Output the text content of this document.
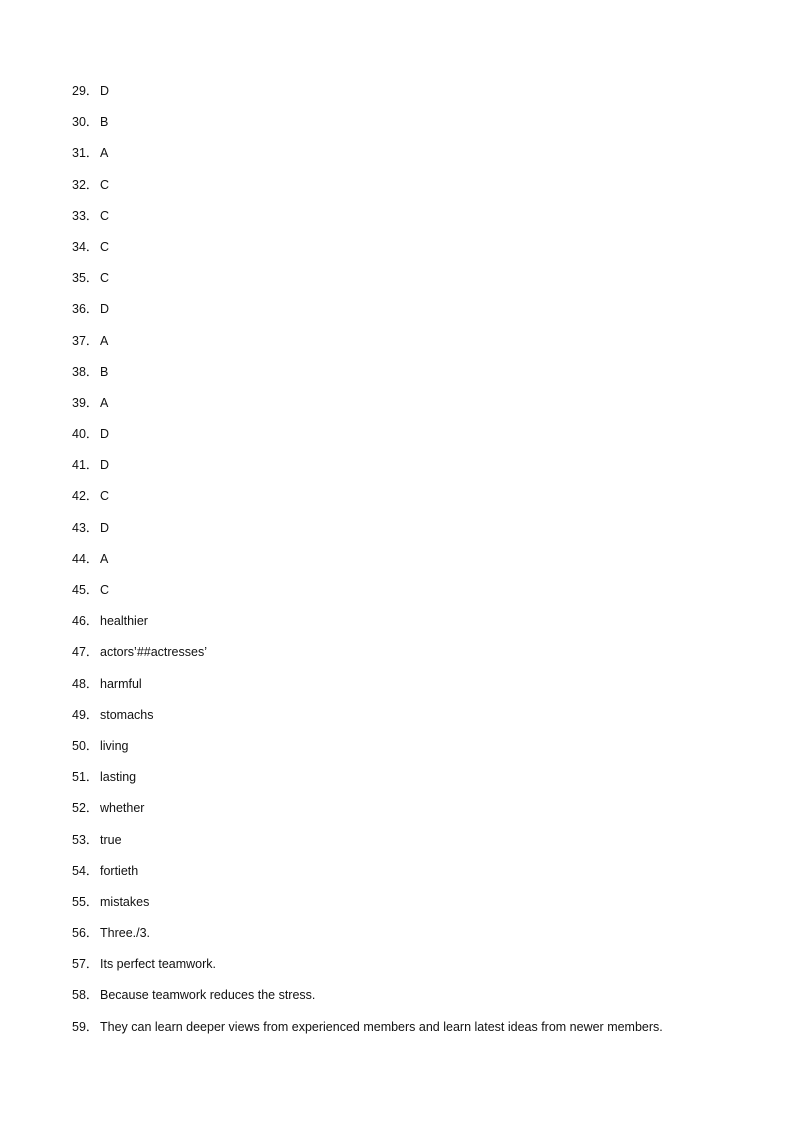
29． D
30． B
31． A
32． C
33． C
34． C
35． C
36． D
37． A
38． B
39． A
40． D
41． D
42． C
43． D
44． A
45． C
46． healthier
47． actors’##actresses’
48． harmful
49． stomachs
50． living
51． lasting
52． whether
53． true
54． fortieth
55． mistakes
56． Three./3.
57． Its perfect teamwork.
58． Because teamwork reduces the stress.
59． They can learn deeper views from experienced members and learn latest ideas from newer members.
